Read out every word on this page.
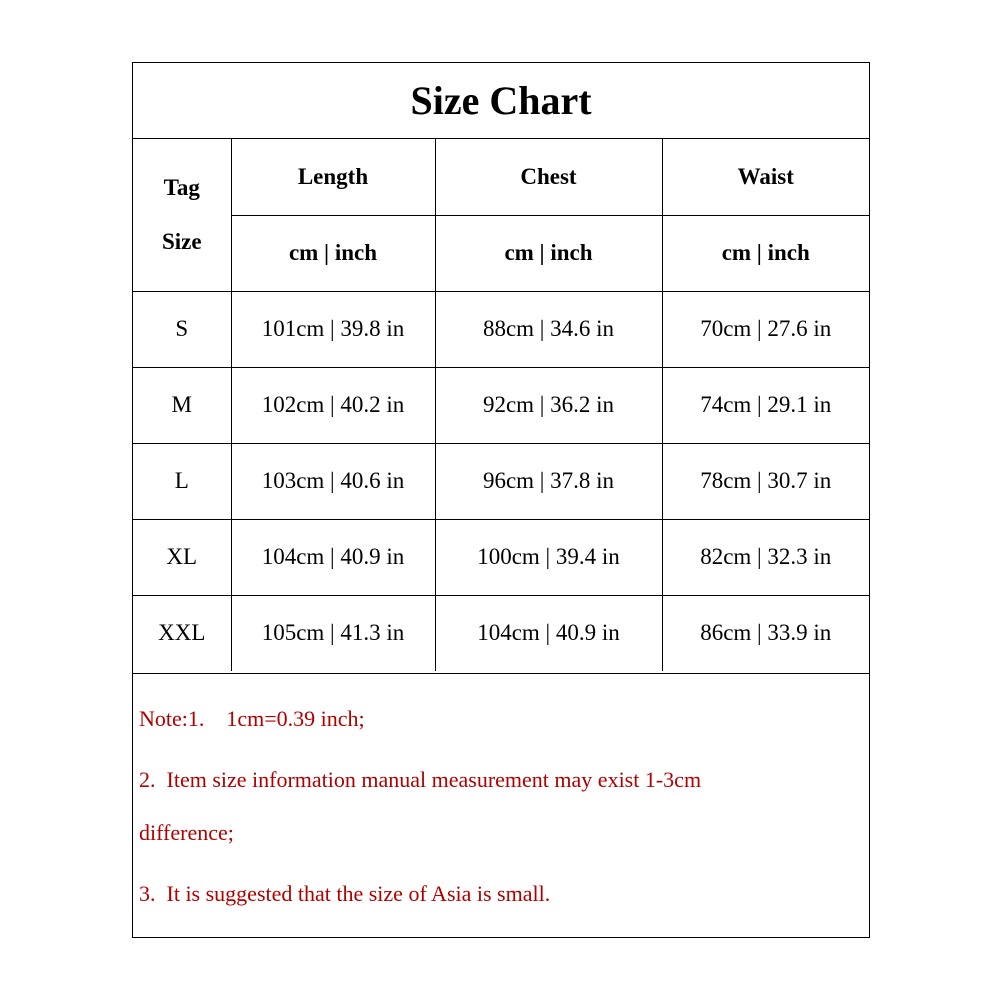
Size Chart
Tag
Size	Length	Chest	Waist
	cm | inch	cm | inch	cm | inch
S	101cm | 39.8 in	88cm | 34.6 in	70cm | 27.6 in
M	102cm | 40.2 in	92cm | 36.2 in	74cm | 29.1 in
L	103cm | 40.6 in	96cm | 37.8 in	78cm | 30.7 in
XL	104cm | 40.9 in	100cm | 39.4 in	82cm | 32.3 in
XXL	105cm | 41.3 in	104cm | 40.9 in	86cm | 33.9 in
Note:1.    1cm=0.39 inch;
2.  Item size information manual measurement may exist 1-3cm
difference;
3.  It is suggested that the size of Asia is small.
